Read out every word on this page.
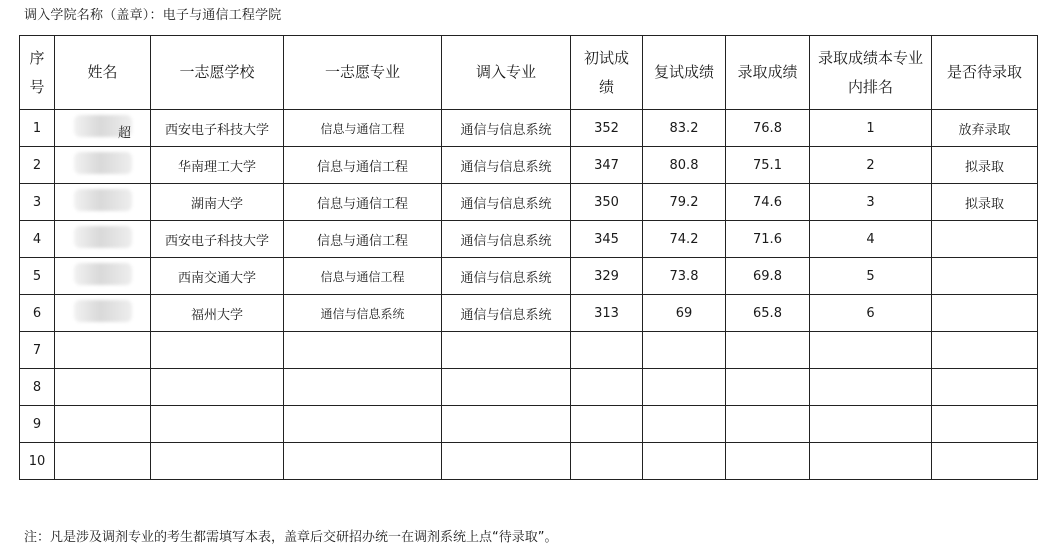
调入学院名称（盖章）：电子与通信工程学院
序号	姓名	一志愿学校	一志愿专业	调入专业	初试成绩	复试成绩	录取成绩	录取成绩本专业内排名	是否待录取
1	超	西安电子科技大学	信息与通信工程	通信与信息系统	352	83.2	76.8	1	放弃录取
2		华南理工大学	信息与通信工程	通信与信息系统	347	80.8	75.1	2	拟录取
3		湖南大学	信息与通信工程	通信与信息系统	350	79.2	74.6	3	拟录取
4		西安电子科技大学	信息与通信工程	通信与信息系统	345	74.2	71.6	4	
5		西南交通大学	信息与通信工程	通信与信息系统	329	73.8	69.8	5	
6		福州大学	通信与信息系统	通信与信息系统	313	69	65.8	6	
7									
8									
9									
10									
注：凡是涉及调剂专业的考生都需填写本表，盖章后交研招办统一在调剂系统上点“待录取”。
